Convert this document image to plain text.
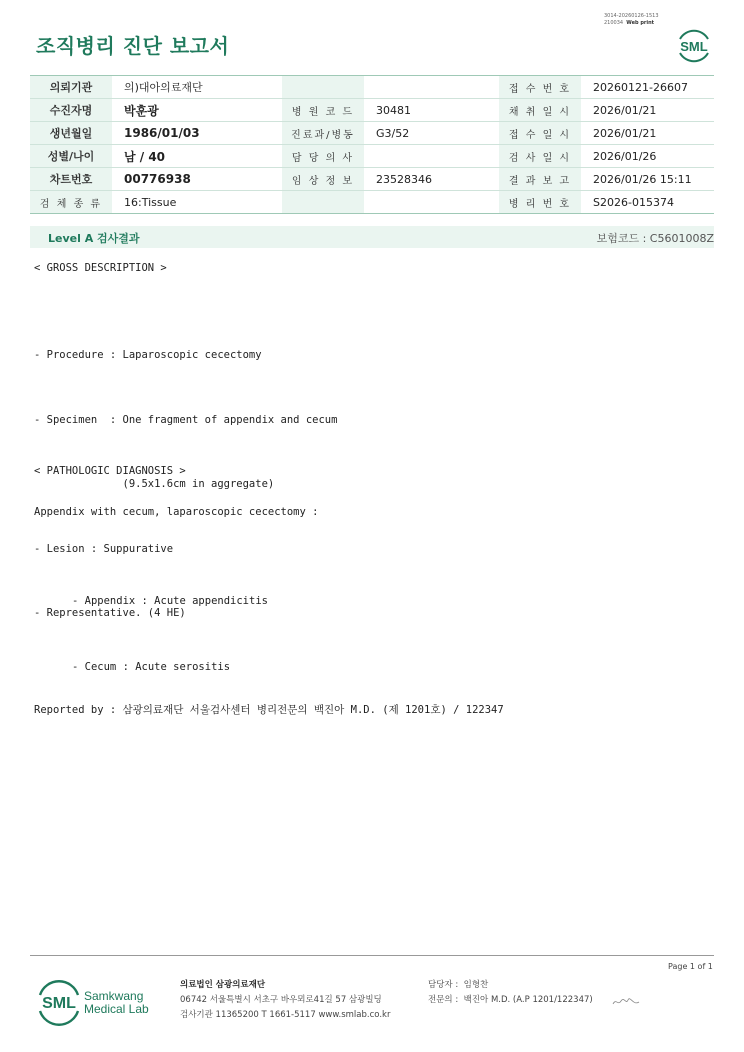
조직병리 진단 보고서
3014-20260126-1513
210034 Web print
SML
의뢰기관	의)대아의료재단			접 수 번 호	20260121-26607
수진자명	박훈광	병 원 코 드	30481	채 취 일 시	2026/01/21
생년월일	1986/01/03	진료과/병동	G3/52	접 수 일 시	2026/01/21
성별/나이	남 / 40	담 당 의 사		검 사 일 시	2026/01/26
차트번호	00776938	임 상 정 보	23528346	결 과 보 고	2026/01/26 15:11
검 체 종 류	16:Tissue			병 리 번 호	S2026-015374
Level A 검사결과	보험코드 : C5601008Z
< GROSS DESCRIPTION >

- Procedure : Laparoscopic cecectomy

- Specimen  : One fragment of appendix and cecum

(9.5x1.6cm in aggregate)

- Lesion : Suppurative

- Representative. (4 HE)

< PATHOLOGIC DIAGNOSIS >
Appendix with cecum, laparoscopic cecectomy :

- Appendix : Acute appendicitis

- Cecum : Acute serositis

Reported by : 삼광의료재단 서울검사센터 병리전문의 백진아 M.D. (제 1201호) / 122347
Page 1 of 1
SML Samkwang
Medical Lab
의료법인 삼광의료재단
06742 서울특별시 서초구 바우뫼로41길 57 삼광빌딩
검사기관 11365200 T 1661-5117 www.smlab.co.kr
담당자 : 임형찬
전문의 : 백진아 M.D. (A.P 1201/122347)
